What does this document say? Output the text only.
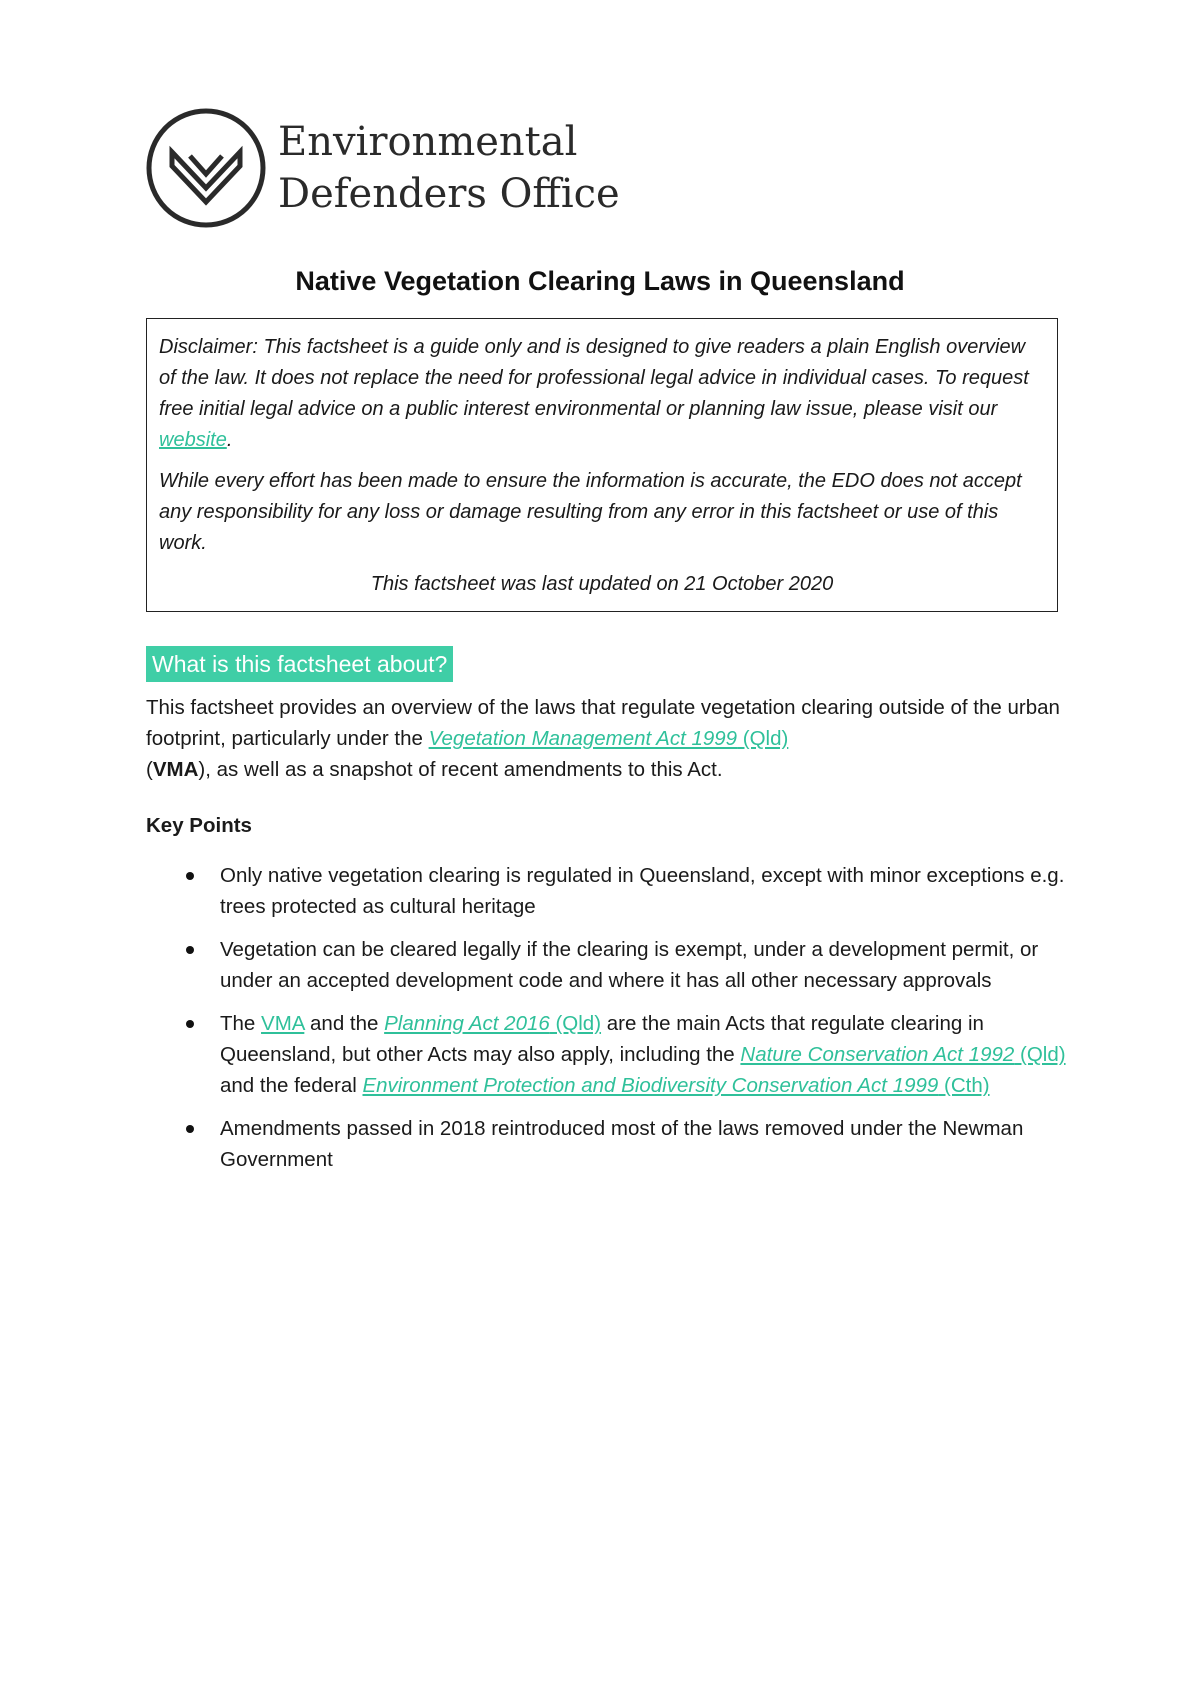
Environmental
Defenders Office
Native Vegetation Clearing Laws in Queensland

Disclaimer: This factsheet is a guide only and is designed to give readers a plain English overview of the law. It does not replace the need for professional legal advice in individual cases. To request free initial legal advice on a public interest environmental or planning law issue, please visit our website.

While every effort has been made to ensure the information is accurate, the EDO does not accept any responsibility for any loss or damage resulting from any error in this factsheet or use of this work.

This factsheet was last updated on 21 October 2020

What is this factsheet about?

This factsheet provides an overview of the laws that regulate vegetation clearing outside of the urban footprint, particularly under the Vegetation Management Act 1999 (Qld)
(VMA), as well as a snapshot of recent amendments to this Act.

Key Points

Only native vegetation clearing is regulated in Queensland, except with minor exceptions e.g. trees protected as cultural heritage
Vegetation can be cleared legally if the clearing is exempt, under a development permit, or under an accepted development code and where it has all other necessary approvals
The VMA and the Planning Act 2016 (Qld) are the main Acts that regulate clearing in Queensland, but other Acts may also apply, including the Nature Conservation Act 1992 (Qld) and the federal Environment Protection and Biodiversity Conservation Act 1999 (Cth)
Amendments passed in 2018 reintroduced most of the laws removed under the Newman Government
